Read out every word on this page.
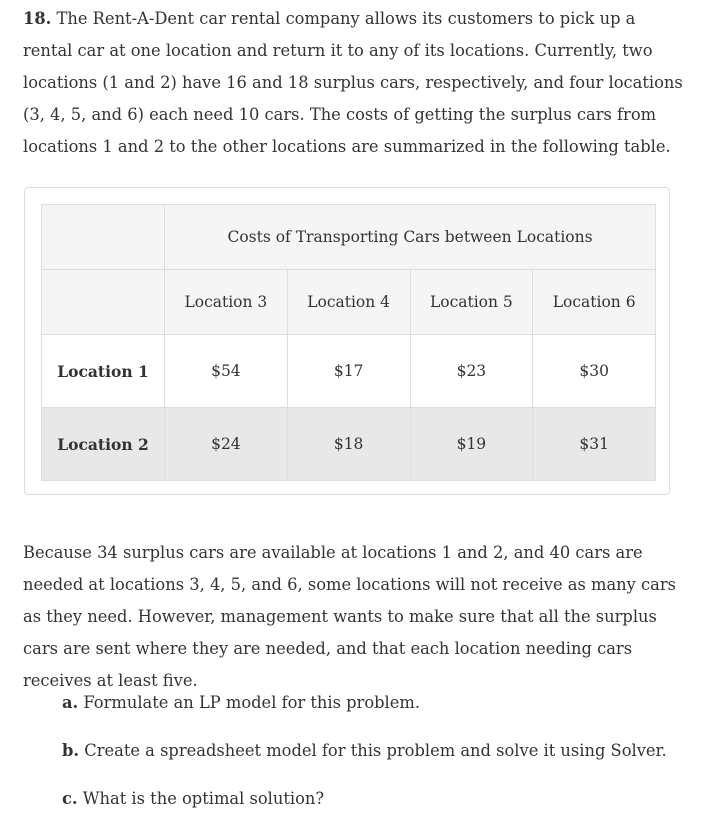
18. The Rent-A-Dent car rental company allows its customers to pick up a rental car at one location and return it to any of its locations. Currently, two locations (1 and 2) have 16 and 18 surplus cars, respectively, and four locations (3, 4, 5, and 6) each need 10 cars. The costs of getting the surplus cars from locations 1 and 2 to the other locations are summarized in the following table.

	Costs of Transporting Cars between Locations			
	Location 3	Location 4	Location 5	Location 6
Location 1	$54	$17	$23	$30
Location 2	$24	$18	$19	$31

Because 34 surplus cars are available at locations 1 and 2, and 40 cars are needed at locations 3, 4, 5, and 6, some locations will not receive as many cars as they need. However, management wants to make sure that all the surplus cars are sent where they are needed, and that each location needing cars receives at least five.

a. Formulate an LP model for this problem.
b. Create a spreadsheet model for this problem and solve it using Solver.
c. What is the optimal solution?
